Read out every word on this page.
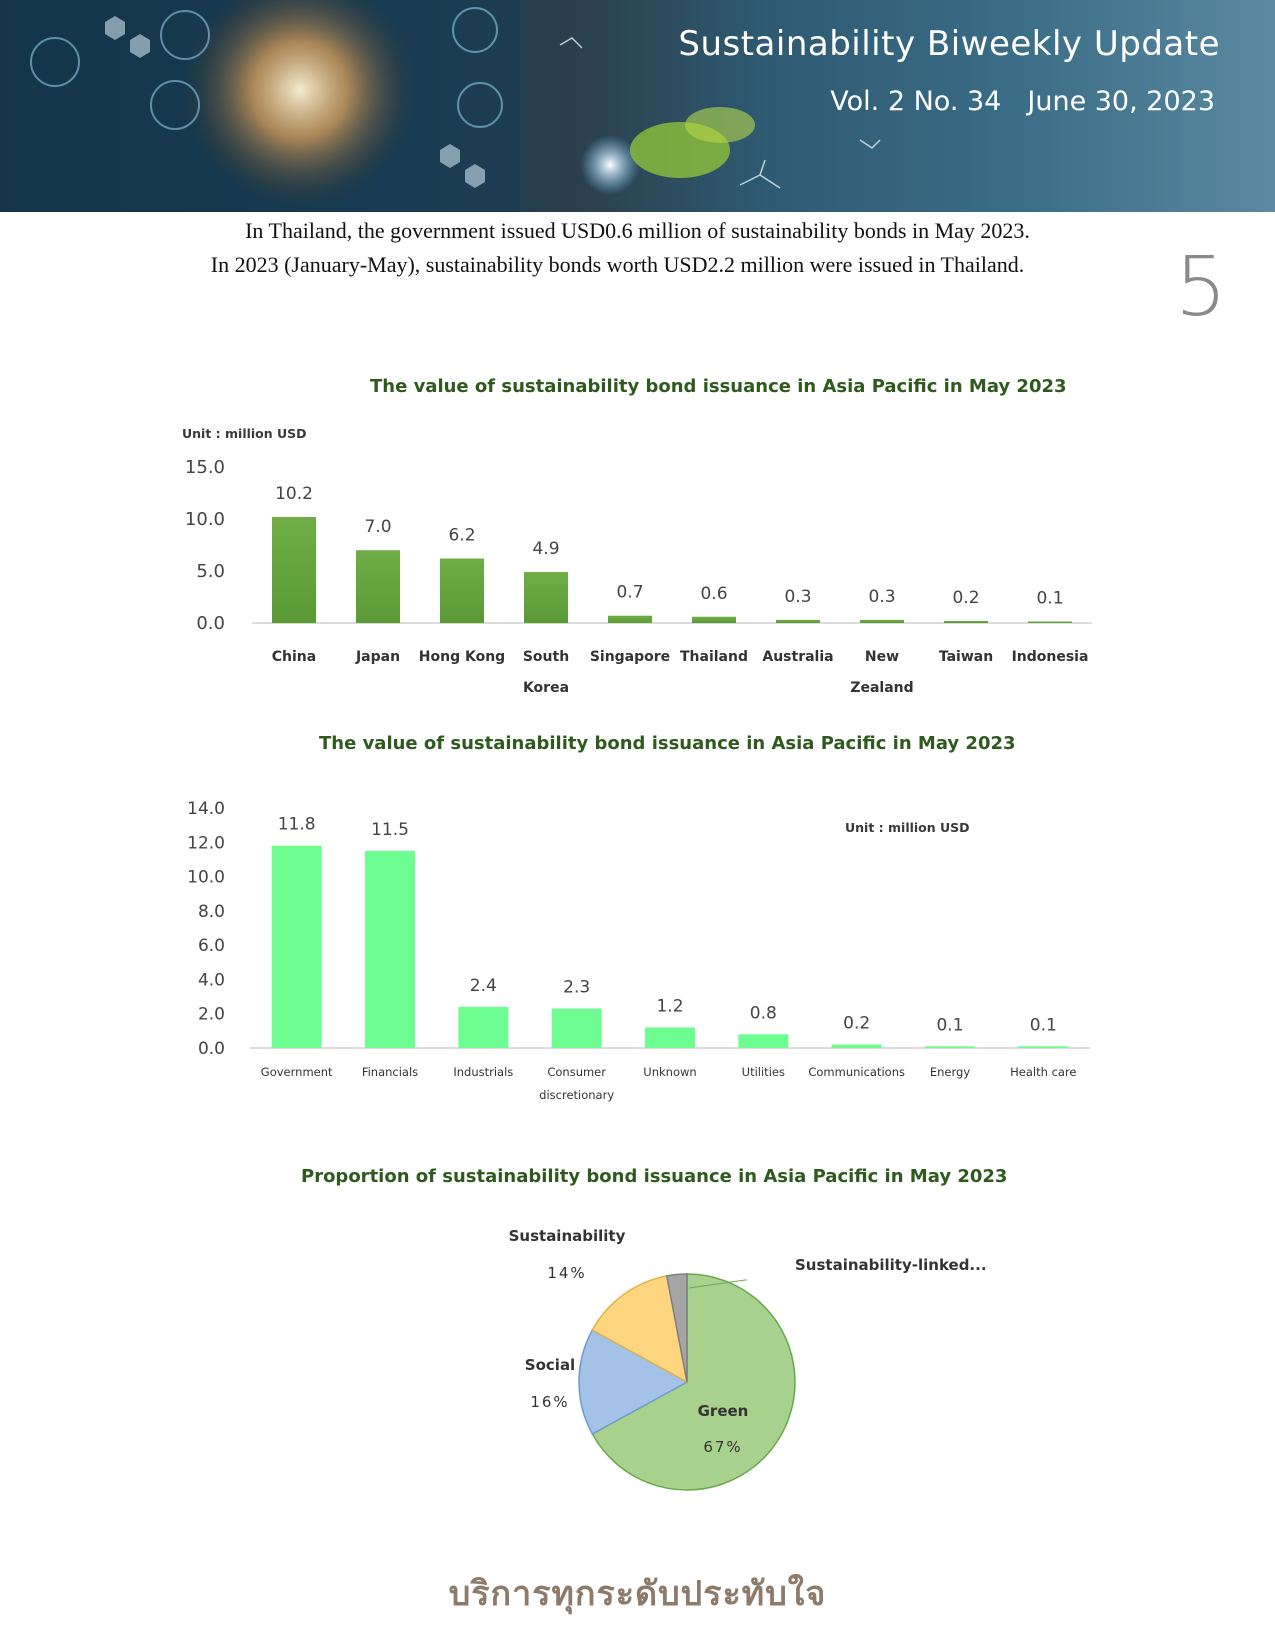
Sustainability Biweekly Update
Vol. 2 No. 34 June 30, 2023
In Thailand, the government issued USD0.6 million of sustainability bonds in May 2023.
In 2023 (January-May), sustainability bonds worth USD2.2 million were issued in Thailand.	5
The value of sustainability bond issuance in Asia Pacific in May 2023
Unit : million USD
0.0
5.0
10.0
15.0
10.2
China
7.0
Japan
6.2
Hong Kong
4.9
South
Korea
0.7
Singapore
0.6
Thailand
0.3
Australia
0.3
New
Zealand
0.2
Taiwan
0.1
Indonesia
The value of sustainability bond issuance in Asia Pacific in May 2023
Unit : million USD
0.0
2.0
4.0
6.0
8.0
10.0
12.0
14.0
11.8
Government
11.5
Financials
2.4
Industrials
2.3
Consumer
discretionary
1.2
Unknown
0.8
Utilities
0.2
Communications
0.1
Energy
0.1
Health care
Proportion of sustainability bond issuance in Asia Pacific in May 2023
Green
67%
Social
16%
Sustainability
14%	Sustainability-linked...
บริการทุกระดับประทับใจ
